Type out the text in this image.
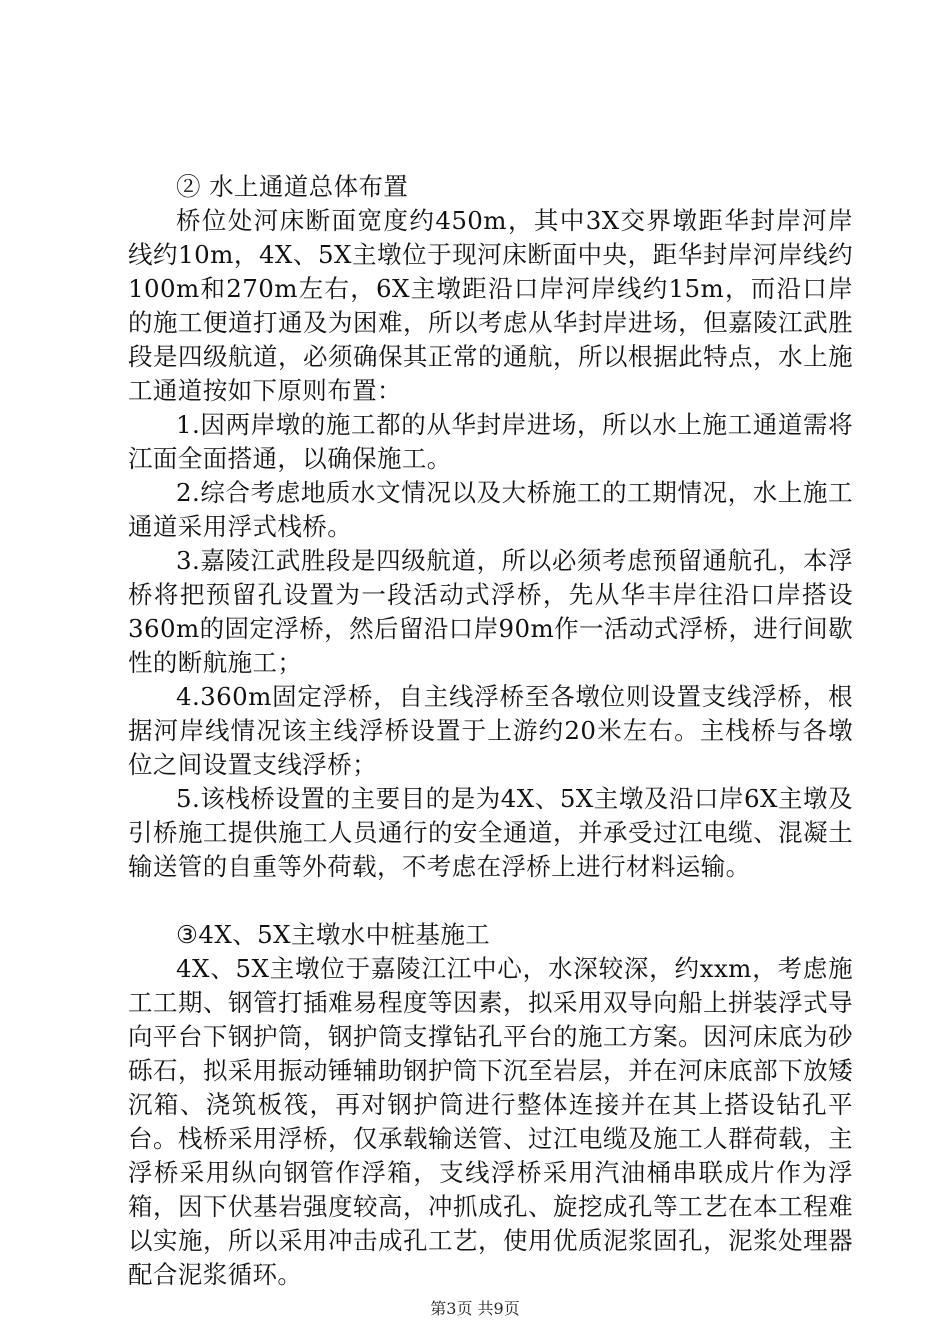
② 水上通道总体布置

桥位处河床断面宽度约450m，其中3X交界墩距华封岸河岸线约10m，4X、5X主墩位于现河床断面中央，距华封岸河岸线约100m和270m左右，6X主墩距沿口岸河岸线约15m，而沿口岸的施工便道打通及为困难，所以考虑从华封岸进场，但嘉陵江武胜段是四级航道，必须确保其正常的通航，所以根据此特点，水上施工通道按如下原则布置：

1.因两岸墩的施工都的从华封岸进场，所以水上施工通道需将江面全面搭通，以确保施工。

2.综合考虑地质水文情况以及大桥施工的工期情况，水上施工通道采用浮式栈桥。

3.嘉陵江武胜段是四级航道，所以必须考虑预留通航孔，本浮桥将把预留孔设置为一段活动式浮桥，先从华丰岸往沿口岸搭设360m的固定浮桥，然后留沿口岸90m作一活动式浮桥，进行间歇性的断航施工；

4.360m固定浮桥，自主线浮桥至各墩位则设置支线浮桥，根据河岸线情况该主线浮桥设置于上游约20米左右。主栈桥与各墩位之间设置支线浮桥；

5.该栈桥设置的主要目的是为4X、5X主墩及沿口岸6X主墩及引桥施工提供施工人员通行的安全通道，并承受过江电缆、混凝土输送管的自重等外荷载，不考虑在浮桥上进行材料运输。

③4X、5X主墩水中桩基施工

4X、5X主墩位于嘉陵江江中心，水深较深，约xxm，考虑施工工期、钢管打插难易程度等因素，拟采用双导向船上拼装浮式导向平台下钢护筒，钢护筒支撑钻孔平台的施工方案。因河床底为砂砾石，拟采用振动锤辅助钢护筒下沉至岩层，并在河床底部下放矮沉箱、浇筑板筏，再对钢护筒进行整体连接并在其上搭设钻孔平台。栈桥采用浮桥，仅承载输送管、过江电缆及施工人群荷载，主浮桥采用纵向钢管作浮箱，支线浮桥采用汽油桶串联成片作为浮箱，因下伏基岩强度较高，冲抓成孔、旋挖成孔等工艺在本工程难以实施，所以采用冲击成孔工艺，使用优质泥浆固孔，泥浆处理器配合泥浆循环。

第3页 共9页
